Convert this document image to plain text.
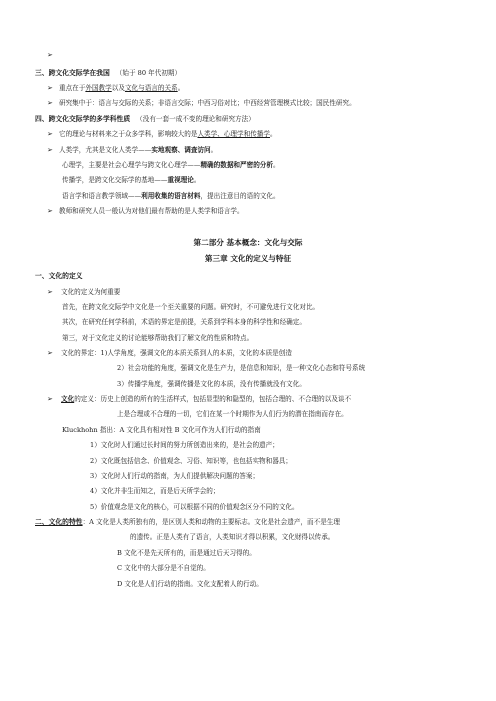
➢
三、跨文化交际学在我国 （始于 80 年代初期）
➢ 重点在于外国教学以及文化与语言的关系。
➢ 研究集中于：语言与交际的关系；非语言交际；中西习俗对比；中西经营管理模式比较；国民性研究。
四、跨文化交际学的多学科性质 （没有一套一成不变的理论和研究方法）
➢ 它的理论与材料来之于众多学科，影响较大的是人类学、心理学和传播学。
➢ 人类学，尤其是文化人类学——实地观察、调查访问。
心理学，主要是社会心理学与跨文化心理学——精确的数据和严密的分析。
传播学，是跨文化交际学的基地——重视理论。
语言学和语言教学领域——利用收集的语言材料，提出注意目的语的文化。
➢ 教师和研究人员一般认为对他们最有帮助的是人类学和语言学。
第二部分 基本概念：文化与交际
第三章 文化的定义与特征
一、文化的定义
➢ 文化的定义为何重要
首先，在跨文化交际学中文化是一个至关重要的问题。研究时，不可避免进行文化对比。
其次，在研究任何学科前，术语的界定是前提，关系到学科本身的科学性和经确定。
第三，对于文化定义的讨论能够帮助我们了解文化的性质和特点。
➢ 文化的界定：1)人学角度，强调文化的本质关系到人的本质，文化的本质是创造
2）社会功能的角度，强调文化是生产力，是信息和知识，是一种文化心态和符号系统
3）传播学角度，强调传播是文化的本质，没有传播就没有文化。
➢ 文化的定义：历史上创造的所有的生活样式，包括显型的和隐型的，包括合理的、不合理的以及谈不
上是合理或不合理的一切，它们在某一个时期作为人们行为的潜在指南而存在。
Kluckhohn 指出：A 文化具有相对性 B 文化可作为人们行动的指南
1）文化时人们通过长时间的努力所创造出来的，是社会的遗产；
2）文化既包括信念、价值观念、习俗、知识等，也包括实物和器具；
3）文化时人们行动的指南，为人们提供解决问题的答案；
4）文化并非生而知之，而是后天所学会的；
5）价值观念是文化的核心，可以根据不同的价值观念区分不同的文化。
二、文化的特性：A 文化是人类所独有的，是区别人类和动物的主要标志。文化是社会遗产，而不是生理
的遗传。正是人类有了语言，人类知识才得以积累，文化财得以传承。
B 文化不是先天所有的，而是通过后天习得的。
C 文化中的大部分是不自觉的。
D 文化是人们行动的指南。文化支配着人的行动。
